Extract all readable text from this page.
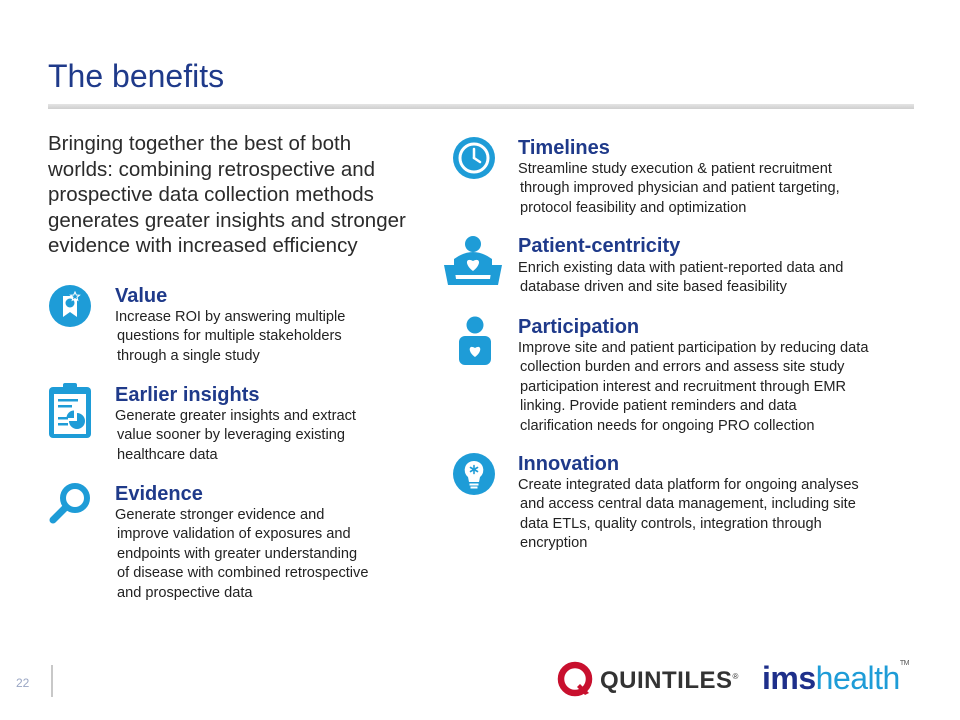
The benefits
Bringing together the best of both
worlds: combining retrospective and
prospective data collection methods
generates greater insights and stronger
evidence with increased efficiency
Value
Increase ROI by answering multiple
questions for multiple stakeholders
through a single study
Earlier insights
Generate greater insights and extract
value sooner by leveraging existing
healthcare data
Evidence
Generate stronger evidence and
improve validation of exposures and
endpoints with greater understanding
of disease with combined retrospective
and prospective data
Timelines
Streamline study execution & patient recruitment
through improved physician and patient targeting,
protocol feasibility and optimization
Patient-centricity
Enrich existing data with patient-reported data and
database driven and site based feasibility
Participation
Improve site and patient participation by reducing data
collection burden and errors and assess site study
participation interest and recruitment through EMR
linking. Provide patient reminders and data
clarification needs for ongoing PRO collection
Innovation
Create integrated data platform for ongoing analyses
and access central data management, including site
data ETLs, quality controls, integration through
encryption
22	QUINTILES® imshealth™
